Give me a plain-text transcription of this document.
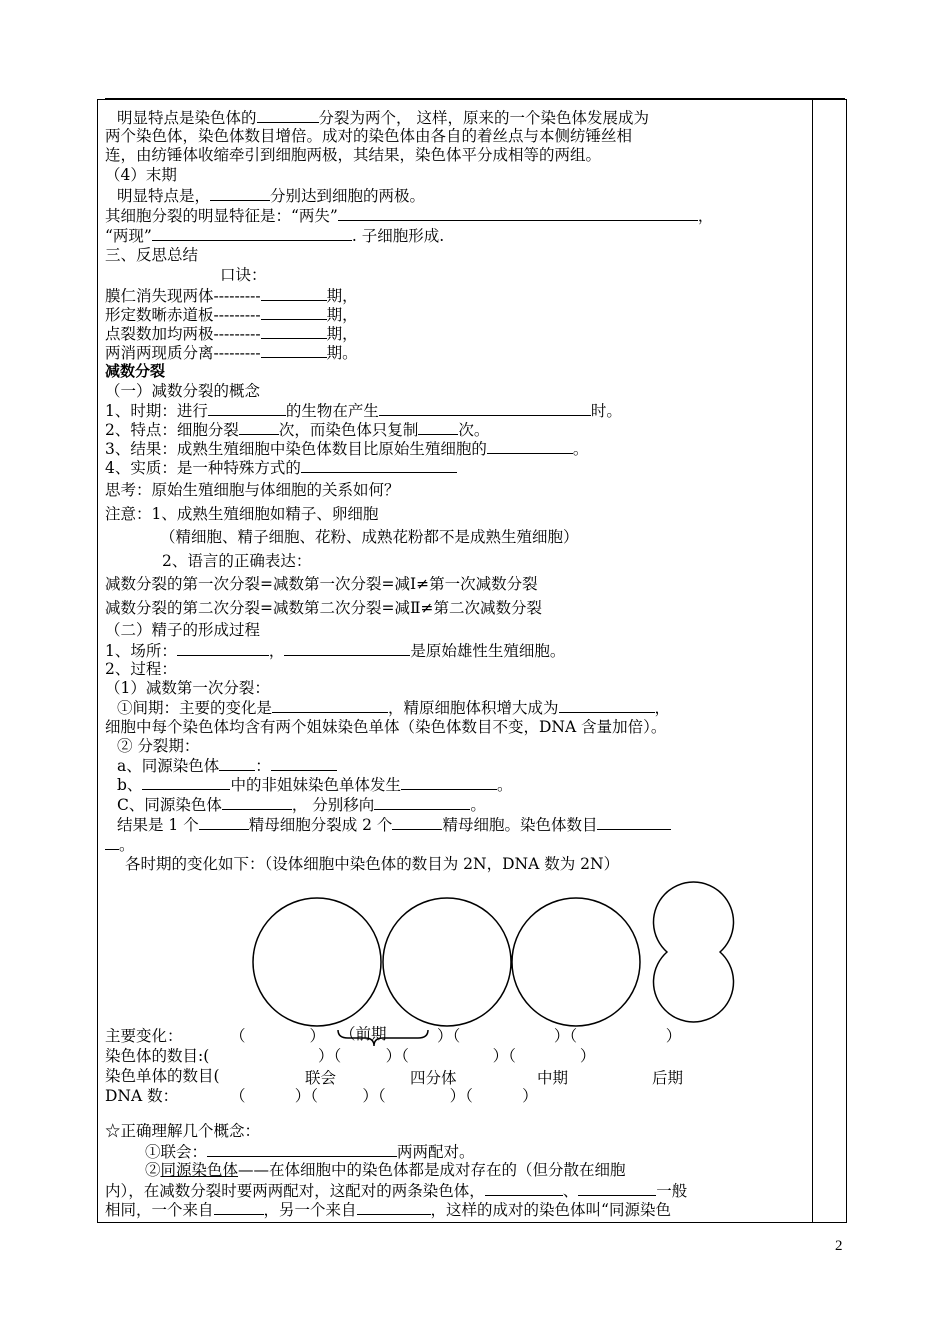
明显特点是染色体的	分裂为两个， 这样，原来的一个染色体发展成为
两个染色体，染色体数目增倍。成对的染色体由各自的着丝点与本侧纺锤丝相
连，由纺锤体收缩牵引到细胞两极，其结果，染色体平分成相等的两组。
（4）末期
明显特点是，	分别达到细胞的两极。
其细胞分裂的明显特征是：“两失”	，
“两现”	. 子细胞形成.
三、反思总结
口诀：
膜仁消失现两体---------	期，
形定数晰赤道板---------	期，
点裂数加均两极---------	期，
两消两现质分离---------	期。
减数分裂
（一）减数分裂的概念
1、时期：进行	的生物在产生	时。
2、特点：细胞分裂	次，而染色体只复制	次。
3、结果：成熟生殖细胞中染色体数目比原始生殖细胞的	。
4、实质：是一种特殊方式的
思考：原始生殖细胞与体细胞的关系如何？
注意：1、成熟生殖细胞如精子、卵细胞
（精细胞、精子细胞、花粉、成熟花粉都不是成熟生殖细胞）
2、语言的正确表达：
减数分裂的第一次分裂=减数第一次分裂=减Ⅰ≠第一次减数分裂
减数分裂的第二次分裂=减数第二次分裂=减Ⅱ≠第二次减数分裂
（二）精子的形成过程
1、场所：	，	是原始雄性生殖细胞。
2、过程：
（1）减数第一次分裂：
①间期：主要的变化是	，精原细胞体积增大成为	，
细胞中每个染色体均含有两个姐妹染色单体（染色体数目不变，DNA 含量加倍）。
② 分裂期：
a、同源染色体 ：
b、	中的非姐妹染色单体发生	。
C、同源染色体	， 分别移向	。
结果是 1 个	精母细胞分裂成 2 个	精母细胞。染色体数目
。
各时期的变化如下：（设体细胞中染色体的数目为 2N，DNA 数为 2N）
主要变化：	（             ） （前期	）（                   ）（                  ）
染色体的数目:(	）（         ）（                 ）（             ）
染色单体的数目(	联会	四分体	中期	后期
DNA 数：	（          ）（         ）（             ）（          ）
☆正确理解几个概念：
①联会：	两两配对。
②同源染色体——在体细胞中的染色体都是成对存在的（但分散在细胞
内），在减数分裂时要两两配对，这配对的两条染色体，	、	一般
相同，一个来自	，另一个来自	，这样的成对的染色体叫“同源染色
2
